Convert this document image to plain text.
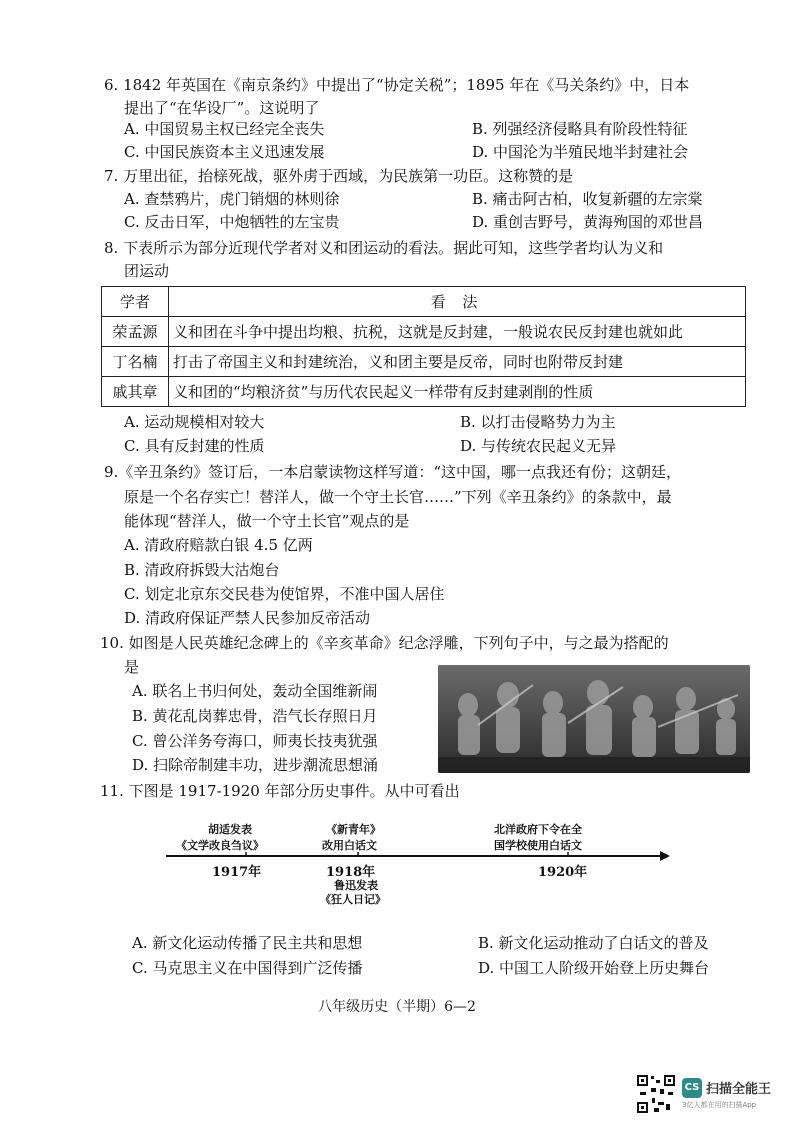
6. 1842 年英国在《南京条约》中提出了“协定关税”；1895 年在《马关条约》中，日本
提出了“在华设厂”。这说明了
A. 中国贸易主权已经完全丧失	B. 列强经济侵略具有阶段性特征
C. 中国民族资本主义迅速发展	D. 中国沦为半殖民地半封建社会
7. 万里出征，抬榇死战，驱外虏于西域，为民族第一功臣。这称赞的是
A. 查禁鸦片，虎门销烟的林则徐	B. 痛击阿古柏，收复新疆的左宗棠
C. 反击日军，中炮牺牲的左宝贵	D. 重创吉野号，黄海殉国的邓世昌
8. 下表所示为部分近现代学者对义和团运动的看法。据此可知，这些学者均认为义和
团运动
学者	看 法
荣孟源	义和团在斗争中提出均粮、抗税，这就是反封建，一般说农民反封建也就如此
丁名楠	打击了帝国主义和封建统治，义和团主要是反帝，同时也附带反封建
戚其章	义和团的“均粮济贫”与历代农民起义一样带有反封建剥削的性质
A. 运动规模相对较大	B. 以打击侵略势力为主
C. 具有反封建的性质	D. 与传统农民起义无异
9.《辛丑条约》签订后，一本启蒙读物这样写道：“这中国，哪一点我还有份；这朝廷，
原是一个名存实亡！替洋人，做一个守土长官……”下列《辛丑条约》的条款中，最
能体现“替洋人，做一个守土长官”观点的是
A. 清政府赔款白银 4.5 亿两
B. 清政府拆毁大沽炮台
C. 划定北京东交民巷为使馆界，不准中国人居住
D. 清政府保证严禁人民参加反帝活动
10. 如图是人民英雄纪念碑上的《辛亥革命》纪念浮雕，下列句子中，与之最为搭配的
是
A. 联名上书归何处，轰动全国维新闹
B. 黄花乱岗葬忠骨，浩气长存照日月
C. 曾公洋务夸海口，师夷长技夷犹强
D. 扫除帝制建丰功，进步潮流思想涌
11. 下图是 1917-1920 年部分历史事件。从中可看出
胡适发表
《文学改良刍议》
《新青年》
改用白话文
北洋政府下令在全
国学校使用白话文
1917年	1918年	1920年
鲁迅发表
《狂人日记》
A. 新文化运动传播了民主共和思想	B. 新文化运动推动了白话文的普及
C. 马克思主义在中国得到广泛传播	D. 中国工人阶级开始登上历史舞台
八年级历史（半期）6—2
CS 扫描全能王
3亿人都在用的扫描App
